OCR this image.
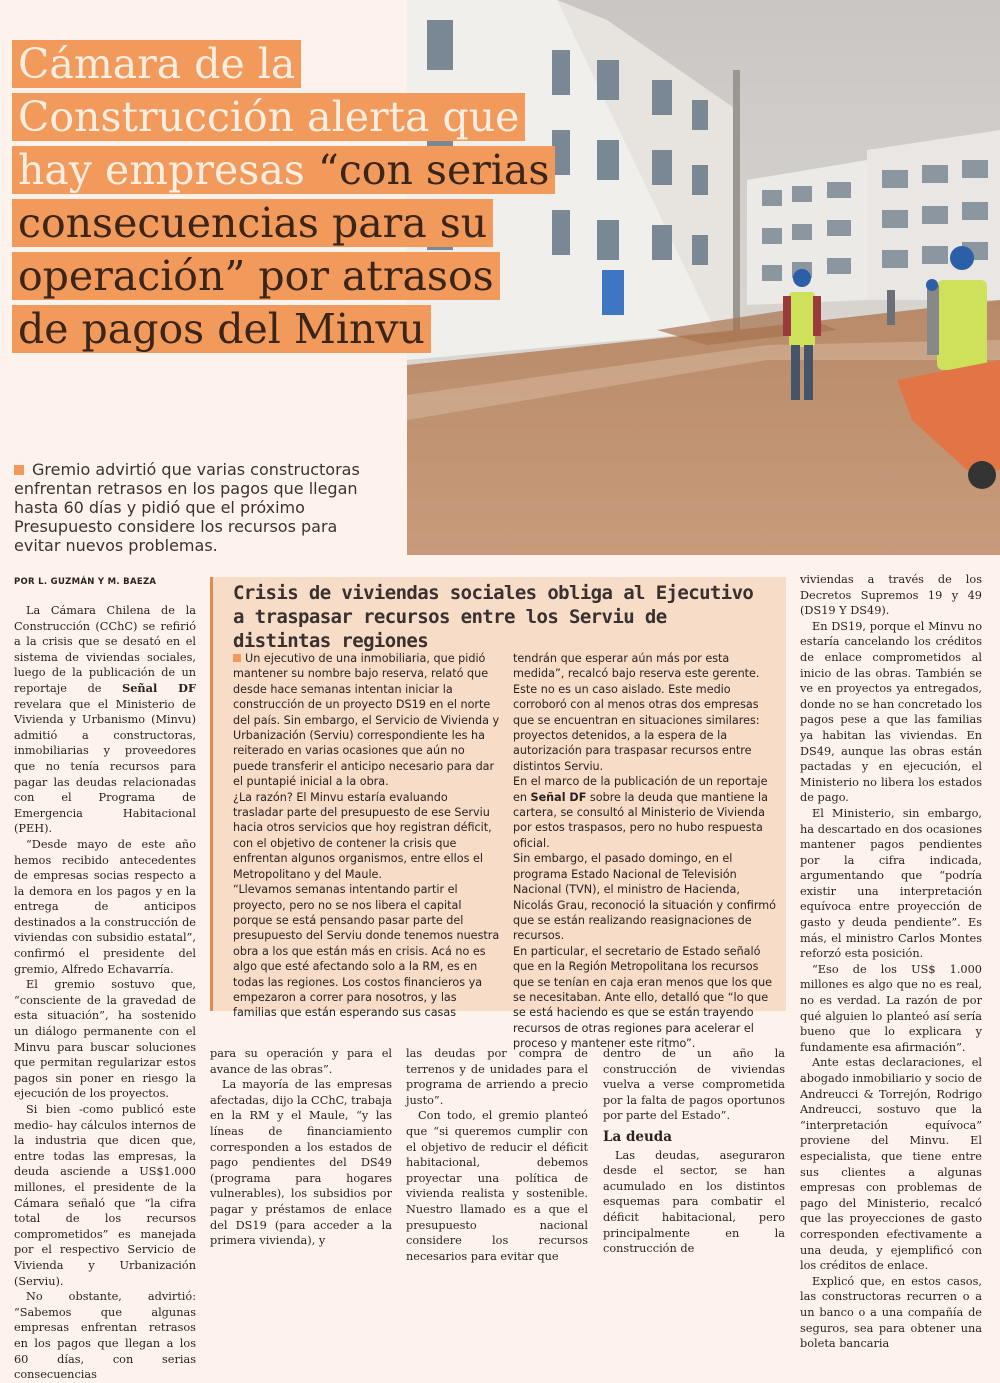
Cámara de la
Construcción alerta que
hay empresas “con serias
consecuencias para su
operación” por atrasos
de pagos del Minvu
Gremio advirtió que varias constructoras enfrentan retrasos en los pagos que llegan hasta 60 días y pidió que el próximo Presupuesto considere los recursos para evitar nuevos problemas.
POR L. GUZMÁN Y M. BAEZA

La Cámara Chilena de la Construcción (CChC) se refirió a la crisis que se desató en el sistema de viviendas sociales, luego de la publicación de un reportaje de Señal DF revelara que el Ministerio de Vivienda y Urbanismo (Minvu) admitió a constructoras, inmobiliarias y proveedores que no tenía recursos para pagar las deudas relacionadas con el Programa de Emergencia Habitacional (PEH).

“Desde mayo de este año hemos recibido antecedentes de empresas socias respecto a la demora en los pagos y en la entrega de anticipos destinados a la construcción de viviendas con subsidio estatal”, confirmó el presidente del gremio, Alfredo Echavarría.

El gremio sostuvo que, “consciente de la gravedad de esta situación”, ha sostenido un diálogo permanente con el Minvu para buscar soluciones que permitan regularizar estos pagos sin poner en riesgo la ejecución de los proyectos.

Si bien -como publicó este medio- hay cálculos internos de la industria que dicen que, entre todas las empresas, la deuda asciende a US$1.000 millones, el presidente de la Cámara señaló que “la cifra total de los recursos comprometidos” es manejada por el respectivo Servicio de Vivienda y Urbanización (Serviu).

No obstante, advirtió: “Sabemos que algunas empresas enfrentan retrasos en los pagos que llegan a los 60 días, con serias consecuencias

Crisis de viviendas sociales obliga al Ejecutivo a traspasar recursos entre los Serviu de distintas regiones

Un ejecutivo de una inmobiliaria, que pidió mantener su nombre bajo reserva, relató que desde hace semanas intentan iniciar la construcción de un proyecto DS19 en el norte del país. Sin embargo, el Servicio de Vivienda y Urbanización (Serviu) correspondiente les ha reiterado en varias ocasiones que aún no puede transferir el anticipo necesario para dar el puntapié inicial a la obra.

¿La razón? El Minvu estaría evaluando trasladar parte del presupuesto de ese Serviu hacia otros servicios que hoy registran déficit, con el objetivo de contener la crisis que enfrentan algunos organismos, entre ellos el Metropolitano y del Maule.

“Llevamos semanas intentando partir el proyecto, pero no se nos libera el capital porque se está pensando pasar parte del presupuesto del Serviu donde tenemos nuestra obra a los que están más en crisis. Acá no es algo que esté afectando solo a la RM, es en todas las regiones. Los costos financieros ya empezaron a correr para nosotros, y las familias que están esperando sus casas

tendrán que esperar aún más por esta medida”, recalcó bajo reserva este gerente.

Este no es un caso aislado. Este medio corroboró con al menos otras dos empresas que se encuentran en situaciones similares: proyectos detenidos, a la espera de la autorización para traspasar recursos entre distintos Serviu.

En el marco de la publicación de un reportaje en Señal DF sobre la deuda que mantiene la cartera, se consultó al Ministerio de Vivienda por estos traspasos, pero no hubo respuesta oficial.

Sin embargo, el pasado domingo, en el programa Estado Nacional de Televisión Nacional (TVN), el ministro de Hacienda, Nicolás Grau, reconoció la situación y confirmó que se están realizando reasignaciones de recursos.

En particular, el secretario de Estado señaló que en la Región Metropolitana los recursos que se tenían en caja eran menos que los que se necesitaban. Ante ello, detalló que “lo que se está haciendo es que se están trayendo recursos de otras regiones para acelerar el proceso y mantener este ritmo”.

para su operación y para el avance de las obras”.

La mayoría de las empresas afectadas, dijo la CChC, trabaja en la RM y el Maule, “y las líneas de financiamiento corresponden a los estados de pago pendientes del DS49 (programa para hogares vulnerables), los subsidios por pagar y préstamos de enlace del DS19 (para acceder a la primera vivienda), y

las deudas por compra de terrenos y de unidades para el programa de arriendo a precio justo”.

Con todo, el gremio planteó que “si queremos cumplir con el objetivo de reducir el déficit habitacional, debemos proyectar una política de vivienda realista y sostenible. Nuestro llamado es a que el presupuesto nacional considere los recursos necesarios para evitar que

dentro de un año la construcción de viviendas vuelva a verse comprometida por la falta de pagos oportunos por parte del Estado”.

La deuda

Las deudas, aseguraron desde el sector, se han acumulado en los distintos esquemas para combatir el déficit habitacional, pero principalmente en la construcción de

viviendas a través de los Decretos Supremos 19 y 49 (DS19 Y DS49).

En DS19, porque el Minvu no estaría cancelando los créditos de enlace comprometidos al inicio de las obras. También se ve en proyectos ya entregados, donde no se han concretado los pagos pese a que las familias ya habitan las viviendas. En DS49, aunque las obras están pactadas y en ejecución, el Ministerio no libera los estados de pago.

El Ministerio, sin embargo, ha descartado en dos ocasiones mantener pagos pendientes por la cifra indicada, argumentando que “podría existir una interpretación equívoca entre proyección de gasto y deuda pendiente”. Es más, el ministro Carlos Montes reforzó esta posición.

“Eso de los US$ 1.000 millones es algo que no es real, no es verdad. La razón de por qué alguien lo planteó así sería bueno que lo explicara y fundamente esa afirmación”.

Ante estas declaraciones, el abogado inmobiliario y socio de Andreucci & Torrejón, Rodrigo Andreucci, sostuvo que la “interpretación equívoca” proviene del Minvu. El especialista, que tiene entre sus clientes a algunas empresas con problemas de pago del Ministerio, recalcó que las proyecciones de gasto corresponden efectivamente a una deuda, y ejemplificó con los créditos de enlace.

Explicó que, en estos casos, las constructoras recurren o a un banco o a una compañía de seguros, sea para obtener una boleta bancaria
